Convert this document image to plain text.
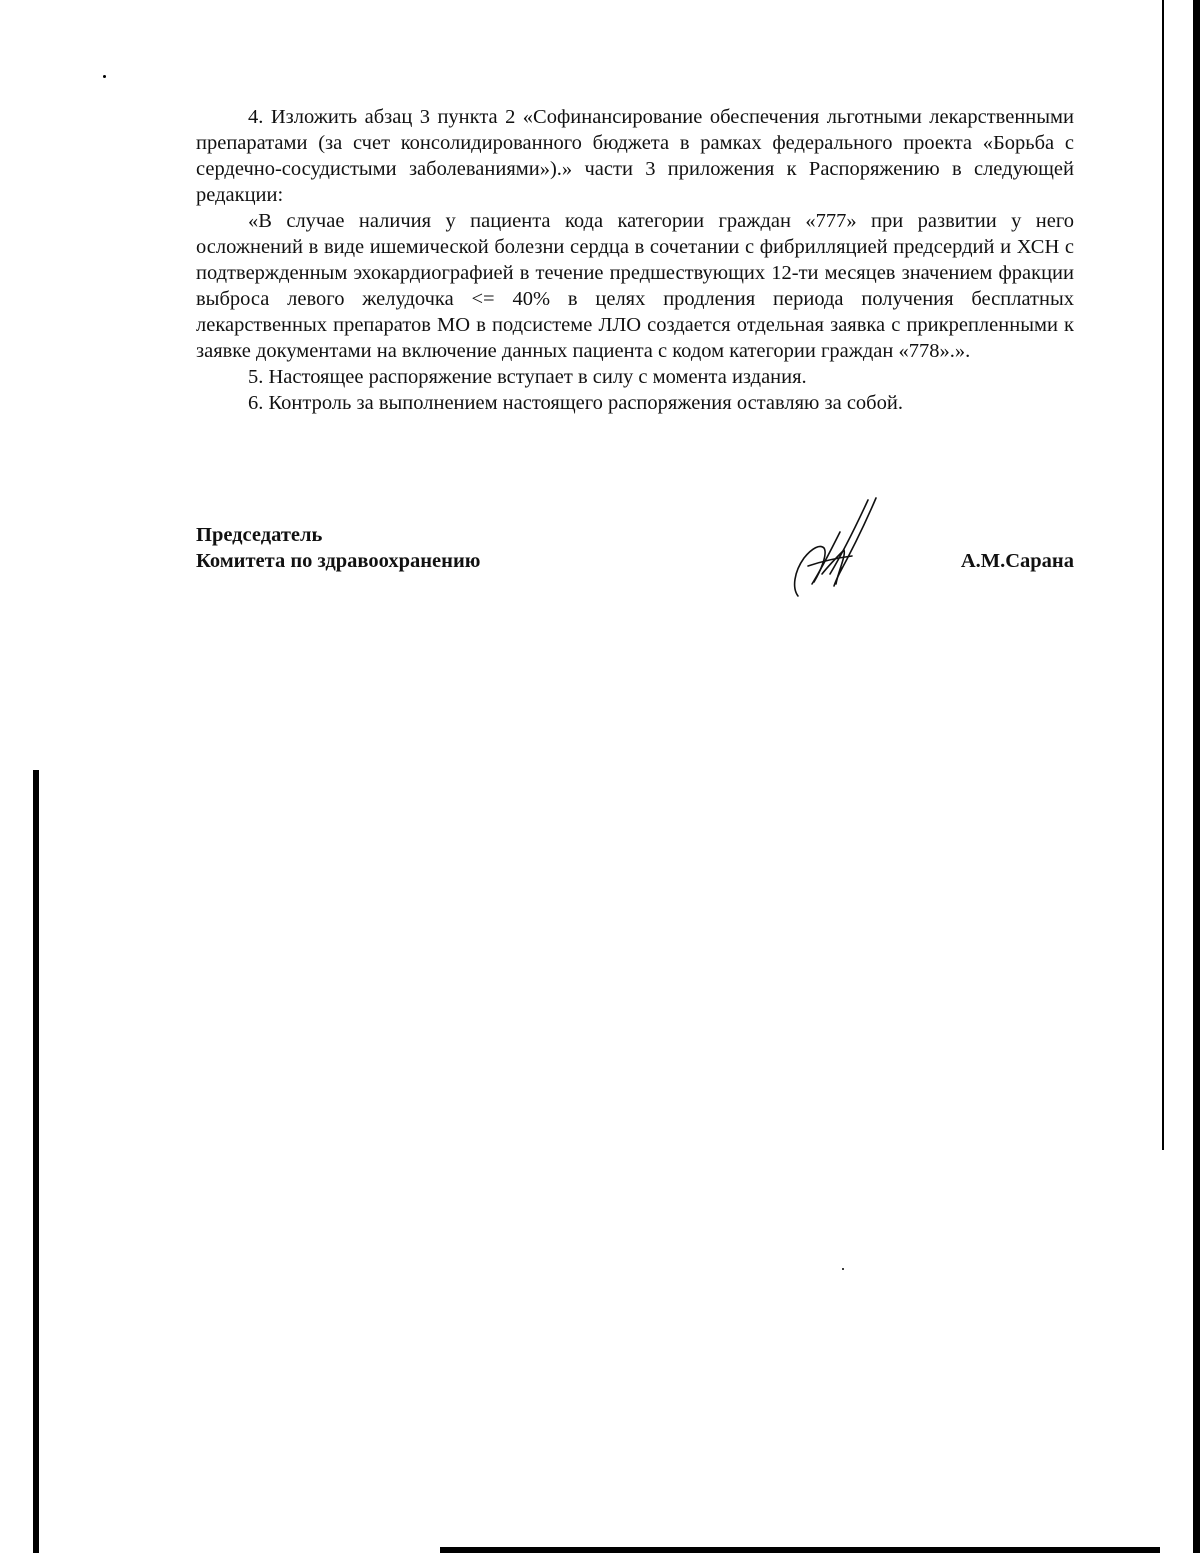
4. Изложить абзац 3 пункта 2 «Софинансирование обеспечения льготными лекарственными препаратами (за счет консолидированного бюджета в рамках федерального проекта «Борьба с сердечно-сосудистыми заболеваниями»).» части 3 приложения к Распоряжению в следующей редакции:

«В случае наличия у пациента кода категории граждан «777» при развитии у него осложнений в виде ишемической болезни сердца в сочетании с фибрилляцией предсердий и ХСН с подтвержденным эхокардиографией в течение предшествующих 12-ти месяцев значением фракции выброса левого желудочка <= 40% в целях продления периода получения бесплатных лекарственных препаратов МО в подсистеме ЛЛО создается отдельная заявка с прикрепленными к заявке документами на включение данных пациента с кодом категории граждан «778».».

5. Настоящее распоряжение вступает в силу с момента издания.

6. Контроль за выполнением настоящего распоряжения оставляю за собой.

Председатель
Комитета по здравоохранению	А.М.Сарана
